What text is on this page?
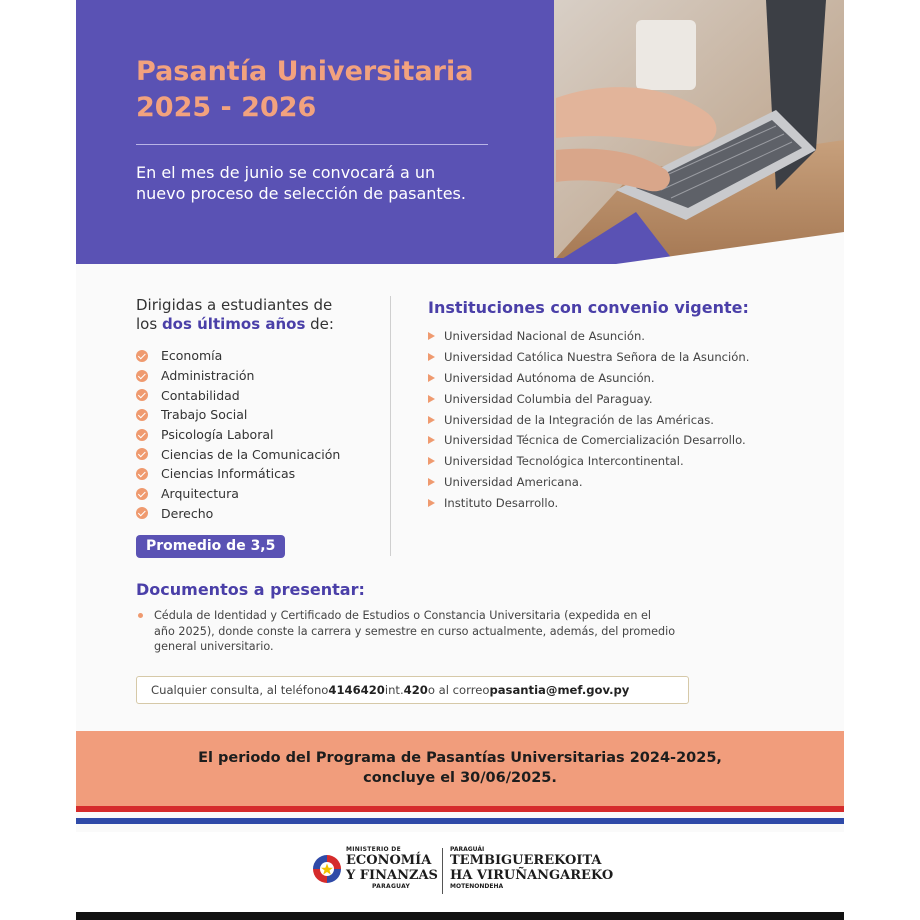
Pasantía Universitaria
2025 - 2026
En el mes de junio se convocará a un
nuevo proceso de selección de pasantes.
Dirigidas a estudiantes de
los dos últimos años de:
Economía
Administración
Contabilidad
Trabajo Social
Psicología Laboral
Ciencias de la Comunicación
Ciencias Informáticas
Arquitectura
Derecho
Promedio de 3,5
Instituciones con convenio vigente:
Universidad Nacional de Asunción.
Universidad Católica Nuestra Señora de la Asunción.
Universidad Autónoma de Asunción.
Universidad Columbia del Paraguay.
Universidad de la Integración de las Américas.
Universidad Técnica de Comercialización Desarrollo.
Universidad Tecnológica Intercontinental.
Universidad Americana.
Instituto Desarrollo.
Documentos a presentar:
Cédula de Identidad y Certificado de Estudios o Constancia Universitaria (expedida en el
año 2025), donde conste la carrera y semestre en curso actualmente, además, del promedio
general universitario.
Cualquier consulta, al teléfono 4146420 int. 420 o al correo pasantia@mef.gov.py
El periodo del Programa de Pasantías Universitarias 2024-2025,
concluye el 30/06/2025.
MINISTERIO DE
ECONOMÍA
Y FINANZAS
PARAGUAY
PARAGUÁI
TEMBIGUEREKOITA
HA VIRUÑANGAREKO
MOTENONDEHA
